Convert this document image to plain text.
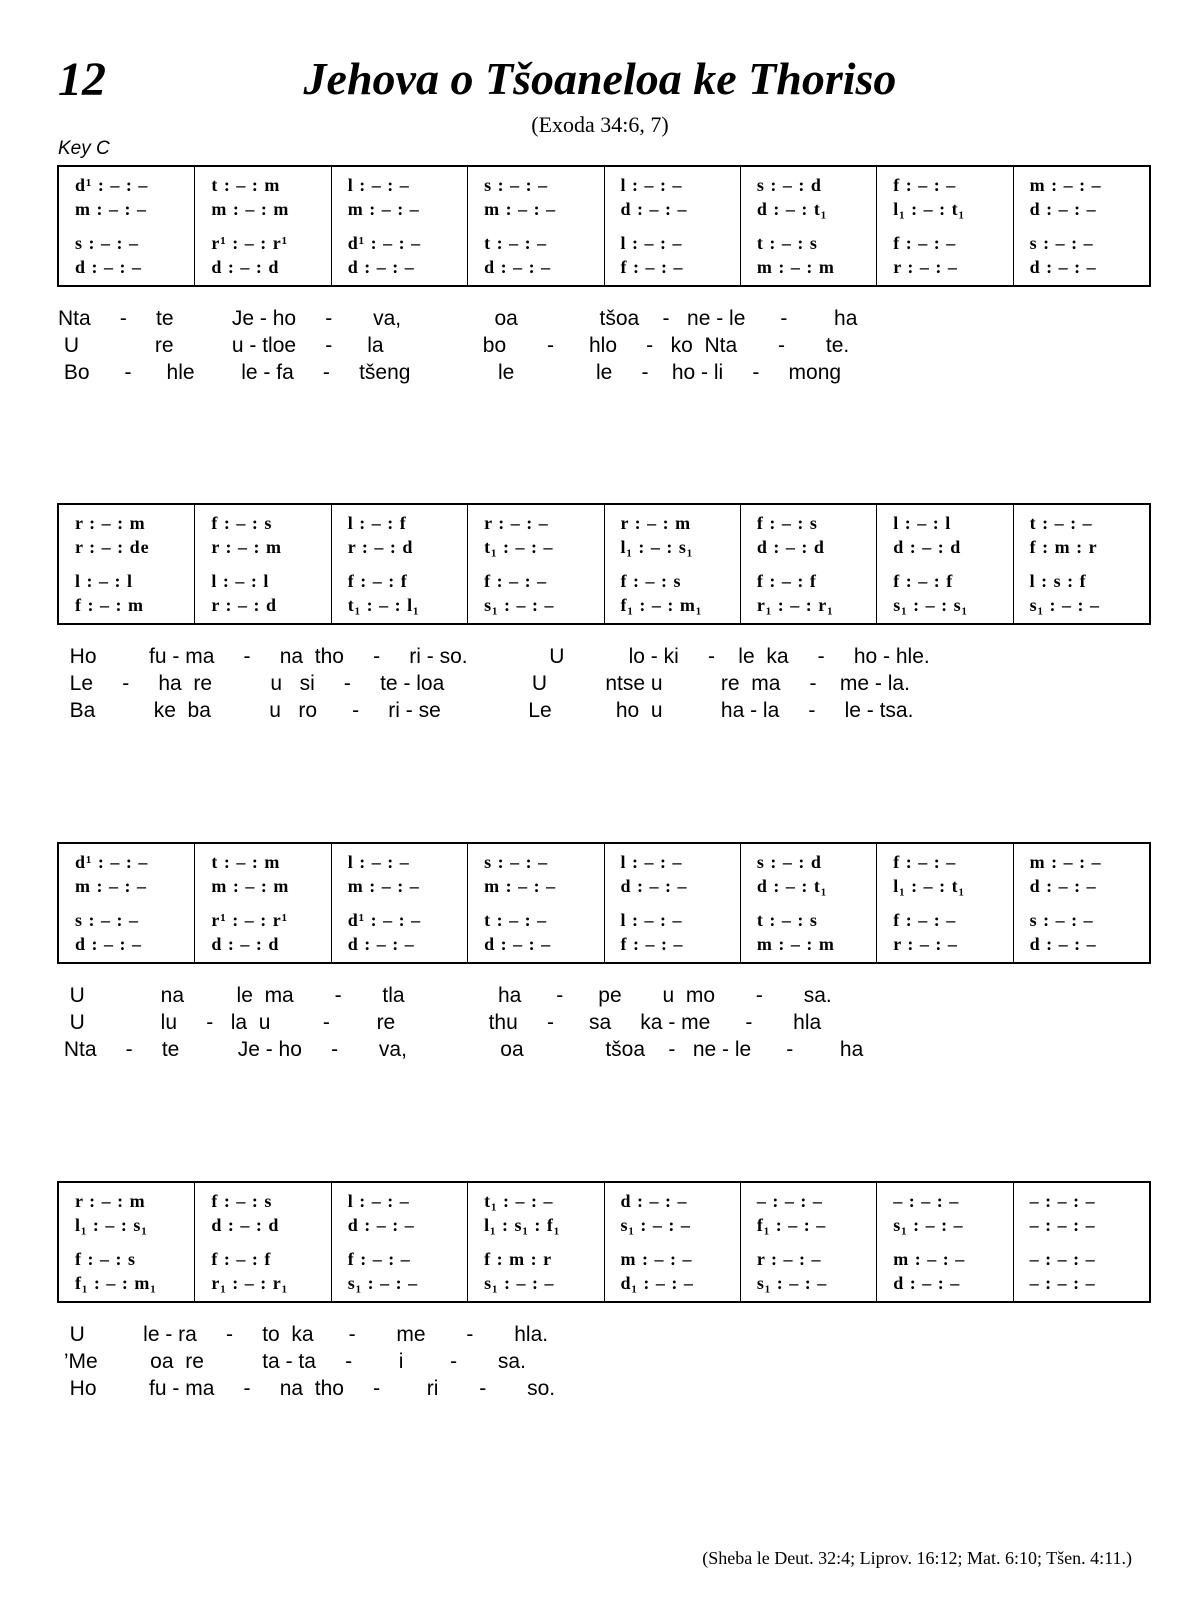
12	Jehova o Tšoaneloa ke Thoriso
(Exoda 34:6, 7)
Key C
d¹ : – : –
m : – : –
s : – : –
d : – : –
t : – : m
m : – : m
r¹ : – : r¹
d : – : d
l : – : –
m : – : –
d¹ : – : –
d : – : –
s : – : –
m : – : –
t : – : –
d : – : –
l : – : –
d : – : –
l : – : –
f : – : –
s : – : d
d : – : t₁
t : – : s
m : – : m
f : – : –
l₁ : – : t₁
f : – : –
r : – : –
m : – : –
d : – : –
s : – : –
d : – : –
Nta     -     te          Je - ho     -       va,                oa              tšoa    -   ne - le      -        ha
U             re          u - tloe     -      la                 bo       -      hlo     -   ko  Nta       -       te.
Bo      -      hle        le - fa     -     tšeng               le              le     -    ho - li     -     mong
r : – : m
r : – : de
l : – : l
f : – : m
f : – : s
r : – : m
l : – : l
r : – : d
l : – : f
r : – : d
f : – : f
t₁ : – : l₁
r : – : –
t₁ : – : –
f : – : –
s₁ : – : –
r : – : m
l₁ : – : s₁
f : – : s
f₁ : – : m₁
f : – : s
d : – : d
f : – : f
r₁ : – : r₁
l : – : l
d : – : d
f : – : f
s₁ : – : s₁
t : – : –
f : m : r
l : s : f
s₁ : – : –
Ho         fu - ma     -     na  tho     -     ri - so.              U           lo - ki     -    le  ka     -     ho - hle.
Le     -     ha  re          u   si     -     te - loa               U          ntse u          re  ma     -    me - la.
Ba          ke  ba          u   ro      -     ri - se               Le           ho  u          ha - la     -     le - tsa.
d¹ : – : –
m : – : –
s : – : –
d : – : –
t : – : m
m : – : m
r¹ : – : r¹
d : – : d
l : – : –
m : – : –
d¹ : – : –
d : – : –
s : – : –
m : – : –
t : – : –
d : – : –
l : – : –
d : – : –
l : – : –
f : – : –
s : – : d
d : – : t₁
t : – : s
m : – : m
f : – : –
l₁ : – : t₁
f : – : –
r : – : –
m : – : –
d : – : –
s : – : –
d : – : –
U             na         le  ma       -       tla                ha      -      pe       u  mo       -       sa.
U             lu     -   la  u         -        re                thu     -      sa     ka - me      -       hla
Nta     -     te          Je - ho     -       va,                oa              tšoa    -   ne - le      -        ha
r : – : m
l₁ : – : s₁
f : – : s
f₁ : – : m₁
f : – : s
d : – : d
f : – : f
r₁ : – : r₁
l : – : –
d : – : –
f : – : –
s₁ : – : –
t₁ : – : –
l₁ : s₁ : f₁
f : m : r
s₁ : – : –
d : – : –
s₁ : – : –
m : – : –
d₁ : – : –
– : – : –
f₁ : – : –
r : – : –
s₁ : – : –
– : – : –
s₁ : – : –
m : – : –
d : – : –
– : – : –
– : – : –
– : – : –
– : – : –
U          le - ra     -     to  ka      -       me       -       hla.
’Me         oa  re          ta - ta     -        i        -       sa.
Ho         fu - ma     -     na  tho     -        ri       -       so.
(Sheba le Deut. 32:4; Liprov. 16:12; Mat. 6:10; Tšen. 4:11.)
